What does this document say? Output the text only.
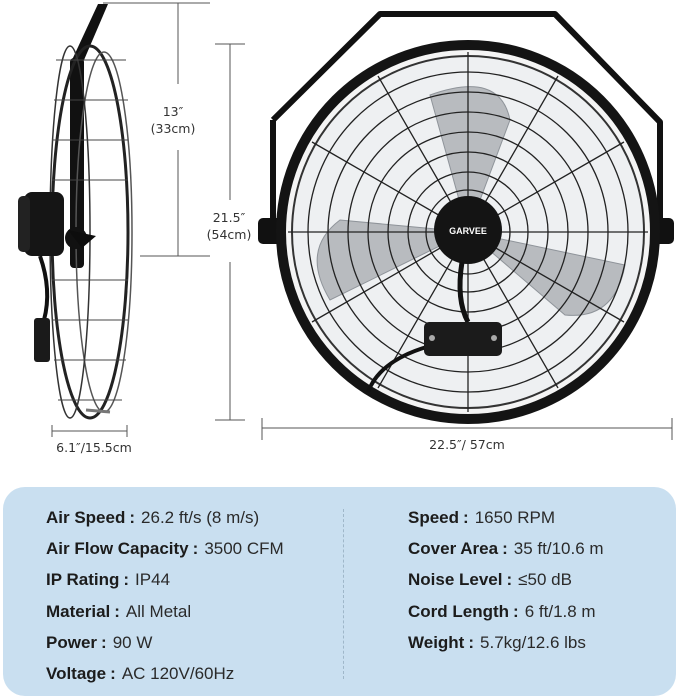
GARVEE
13″
(33cm)
21.5″
(54cm)
6.1″/15.5cm	22.5″/ 57cm
Air Speed : 26.2 ft/s (8 m/s)
Air Flow Capacity : 3500 CFM
IP Rating : IP44
Material : All Metal
Power : 90 W
Voltage : AC 120V/60Hz
Speed : 1650 RPM
Cover Area : 35 ft/10.6 m
Noise Level : ≤50 dB
Cord Length : 6 ft/1.8 m
Weight : 5.7kg/12.6 lbs
